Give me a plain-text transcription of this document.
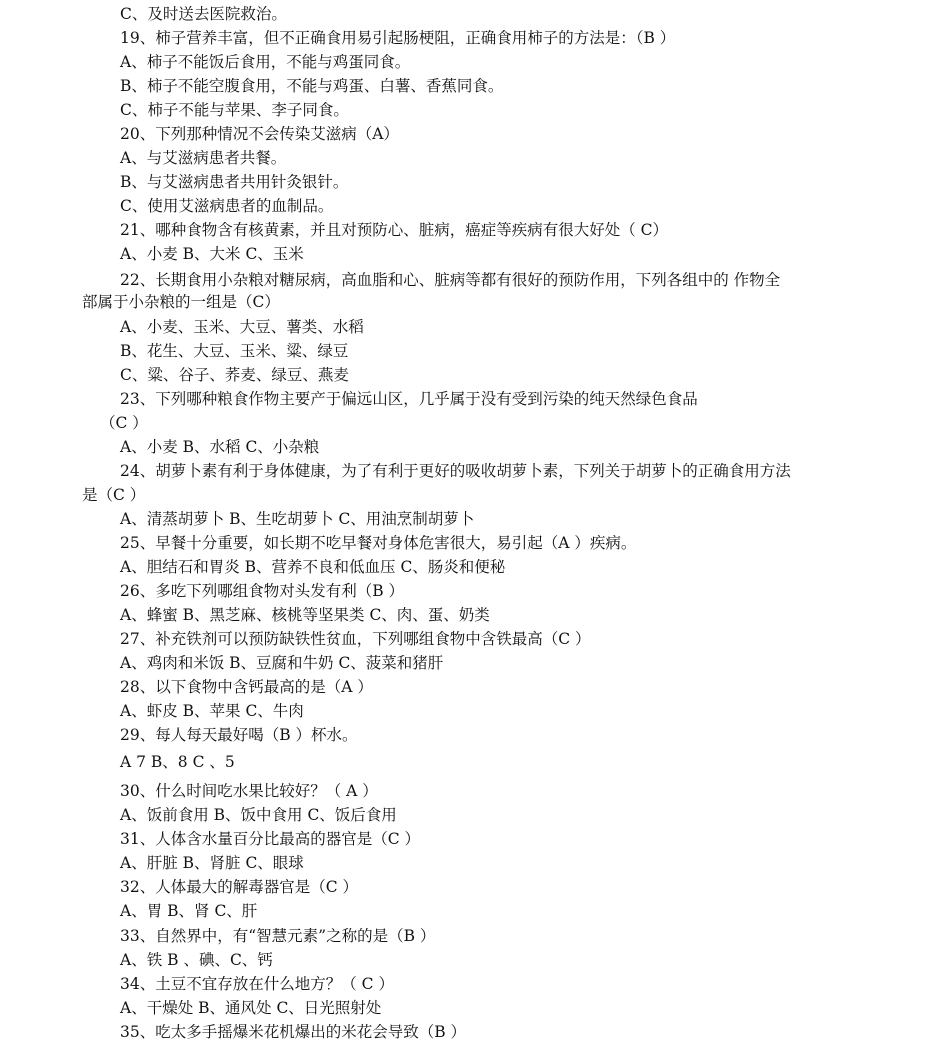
C、及时送去医院救治。
19、柿子营养丰富，但不正确食用易引起肠梗阻，正确食用柿子的方法是：（B ）
A、柿子不能饭后食用，不能与鸡蛋同食。
B、柿子不能空腹食用，不能与鸡蛋、白薯、香蕉同食。
C、柿子不能与苹果、李子同食。
20、下列那种情况不会传染艾滋病（A）
A、与艾滋病患者共餐。
B、与艾滋病患者共用针灸银针。
C、使用艾滋病患者的血制品。
21、哪种食物含有核黄素，并且对预防心、脏病，癌症等疾病有很大好处（ C）
A、小麦 B、大米 C、玉米
22、长期食用小杂粮对糖尿病，高血脂和心、脏病等都有很好的预防作用，下列各组中的 作物全
部属于小杂粮的一组是（C）
A、小麦、玉米、大豆、薯类、水稻
B、花生、大豆、玉米、粱、绿豆
C、粱、谷子、荞麦、绿豆、燕麦
23、下列哪种粮食作物主要产于偏远山区，几乎属于没有受到污染的纯天然绿色食品
（C ）
A、小麦 B、水稻 C、小杂粮
24、胡萝卜素有利于身体健康，为了有利于更好的吸收胡萝卜素，下列关于胡萝卜的正确食用方法
是（C ）
A、清蒸胡萝卜 B、生吃胡萝卜 C、用油烹制胡萝卜
25、早餐十分重要，如长期不吃早餐对身体危害很大，易引起（A ）疾病。
A、胆结石和胃炎 B、营养不良和低血压 C、肠炎和便秘
26、多吃下列哪组食物对头发有利（B ）
A、蜂蜜 B、黑芝麻、核桃等坚果类 C、肉、蛋、奶类
27、补充铁剂可以预防缺铁性贫血，下列哪组食物中含铁最高（C ）
A、鸡肉和米饭 B、豆腐和牛奶 C、菠菜和猪肝
28、以下食物中含钙最高的是（A ）
A、虾皮 B、苹果 C、牛肉
29、每人每天最好喝（B ）杯水。
A 7 B、8 C 、5
30、什么时间吃水果比较好？（ A ）
A、饭前食用 B、饭中食用 C、饭后食用
31、人体含水量百分比最高的器官是（C ）
A、肝脏 B、肾脏 C、眼球
32、人体最大的解毒器官是（C ）
A、胃 B、肾 C、肝
33、自然界中，有“智慧元素”之称的是（B ）
A、铁 B 、碘、C、钙
34、土豆不宜存放在什么地方？（ C ）
A、干燥处 B、通风处 C、日光照射处
35、吃太多手摇爆米花机爆出的米花会导致（B ）
